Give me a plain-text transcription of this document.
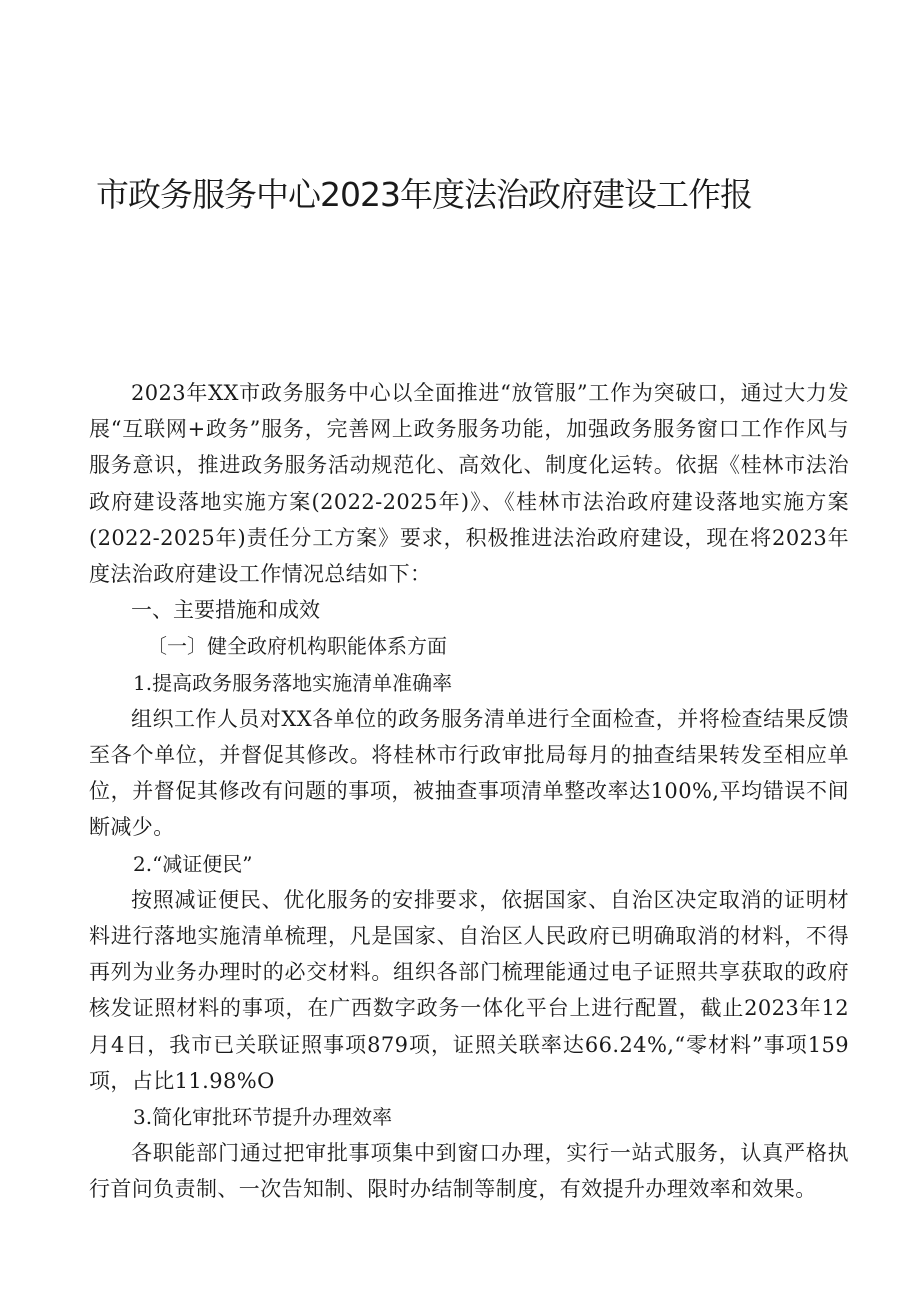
市政务服务中心2023年度法治政府建设工作报

2023年XX市政务服务中心以全面推进“放管服”工作为突破口，通过大力发展“互联网+政务”服务，完善网上政务服务功能，加强政务服务窗口工作作风与服务意识，推进政务服务活动规范化、高效化、制度化运转。依据《桂林市法治政府建设落地实施方案(2022-2025年)》、《桂林市法治政府建设落地实施方案(2022-2025年)责任分工方案》要求，积极推进法治政府建设，现在将2023年度法治政府建设工作情况总结如下：

一、主要措施和成效

〔一〕健全政府机构职能体系方面

1.提高政务服务落地实施清单准确率

组织工作人员对XX各单位的政务服务清单进行全面检查，并将检查结果反馈至各个单位，并督促其修改。将桂林市行政审批局每月的抽查结果转发至相应单位，并督促其修改有问题的事项，被抽查事项清单整改率达100%,平均错误不间断减少。

2.“减证便民”

按照减证便民、优化服务的安排要求，依据国家、自治区决定取消的证明材料进行落地实施清单梳理，凡是国家、自治区人民政府已明确取消的材料，不得再列为业务办理时的必交材料。组织各部门梳理能通过电子证照共享获取的政府核发证照材料的事项，在广西数字政务一体化平台上进行配置，截止2023年12月4日，我市已关联证照事项879项，证照关联率达66.24%,“零材料”事项159项，占比11.98%O

3.简化审批环节提升办理效率

各职能部门通过把审批事项集中到窗口办理，实行一站式服务，认真严格执行首问负责制、一次告知制、限时办结制等制度，有效提升办理效率和效果。
